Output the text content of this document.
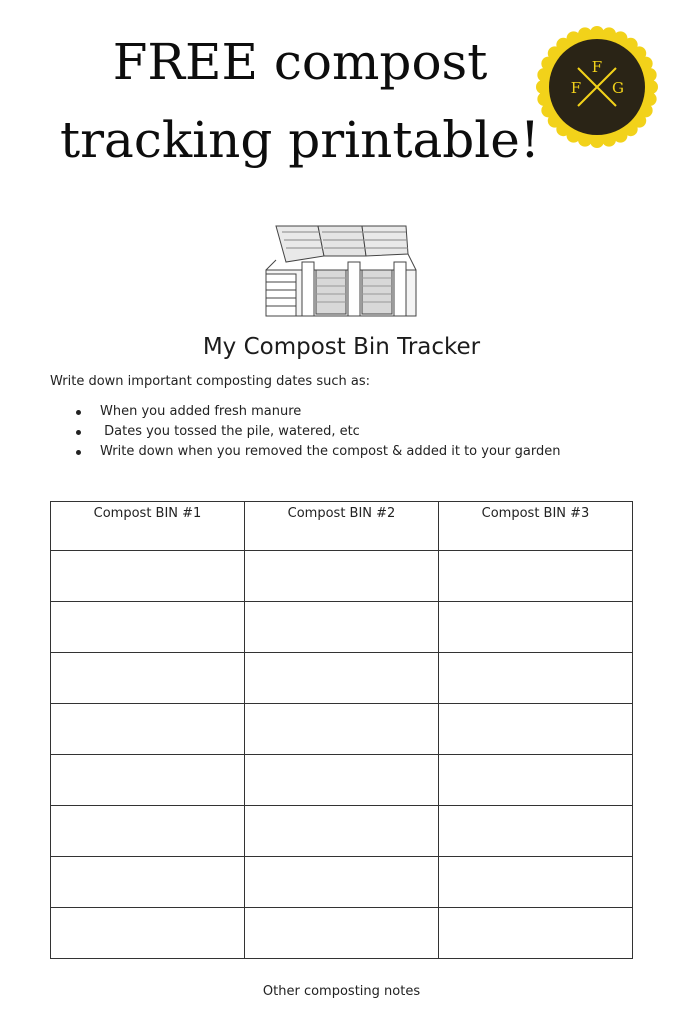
FREE compost
tracking printable!
F
F G
My Compost Bin Tracker

Write down important composting dates such as:

When you added fresh manure
Dates you tossed the pile, watered, etc
Write down when you removed the compost & added it to your garden
Compost BIN #1	Compost BIN #2	Compost BIN #3

Other composting notes
